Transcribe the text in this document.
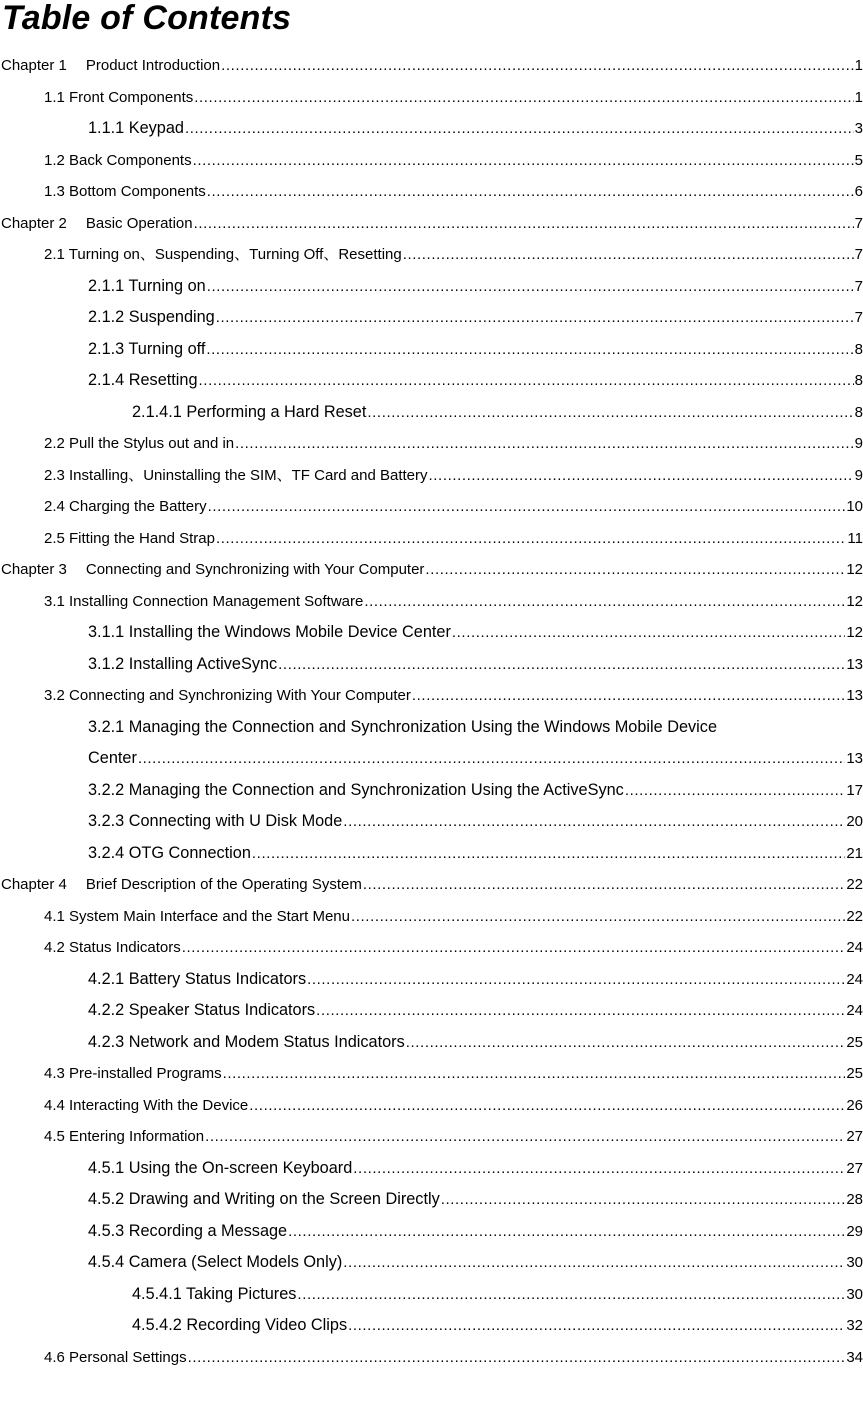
Table of Contents
Chapter 1 Product Introduction .....	1
1.1 Front Components .....	1
1.1.1 Keypad .....	3
1.2 Back Components .....	5
1.3 Bottom Components .....	6
Chapter 2 Basic Operation .....	7
2.1 Turning on、Suspending、Turning Off、Resetting .....	7
2.1.1 Turning on .....	7
2.1.2 Suspending .....	7
2.1.3 Turning off .....	8
2.1.4 Resetting .....	8
2.1.4.1 Performing a Hard Reset .....	8
2.2 Pull the Stylus out and in .....	9
2.3 Installing、Uninstalling the SIM、TF Card and Battery .....	9
2.4 Charging the Battery .....	10
2.5 Fitting the Hand Strap .....	11
Chapter 3 Connecting and Synchronizing with Your Computer .....	12
3.1 Installing Connection Management Software .....	12
3.1.1 Installing the Windows Mobile Device Center .....	12
3.1.2 Installing ActiveSync .....	13
3.2 Connecting and Synchronizing With Your Computer .....	13
3.2.1 Managing the Connection and Synchronization Using the Windows Mobile Device
Center .....	13
3.2.2 Managing the Connection and Synchronization Using the ActiveSync .....	17
3.2.3 Connecting with U Disk Mode .....	20
3.2.4 OTG Connection .....	21
Chapter 4 Brief Description of the Operating System .....	22
4.1 System Main Interface and the Start Menu .....	22
4.2 Status Indicators .....	24
4.2.1 Battery Status Indicators .....	24
4.2.2 Speaker Status Indicators .....	24
4.2.3 Network and Modem Status Indicators .....	25
4.3 Pre-installed Programs .....	25
4.4 Interacting With the Device .....	26
4.5 Entering Information .....	27
4.5.1 Using the On-screen Keyboard .....	27
4.5.2 Drawing and Writing on the Screen Directly .....	28
4.5.3 Recording a Message .....	29
4.5.4 Camera (Select Models Only) .....	30
4.5.4.1 Taking Pictures .....	30
4.5.4.2 Recording Video Clips .....	32
4.6 Personal Settings .....	34
